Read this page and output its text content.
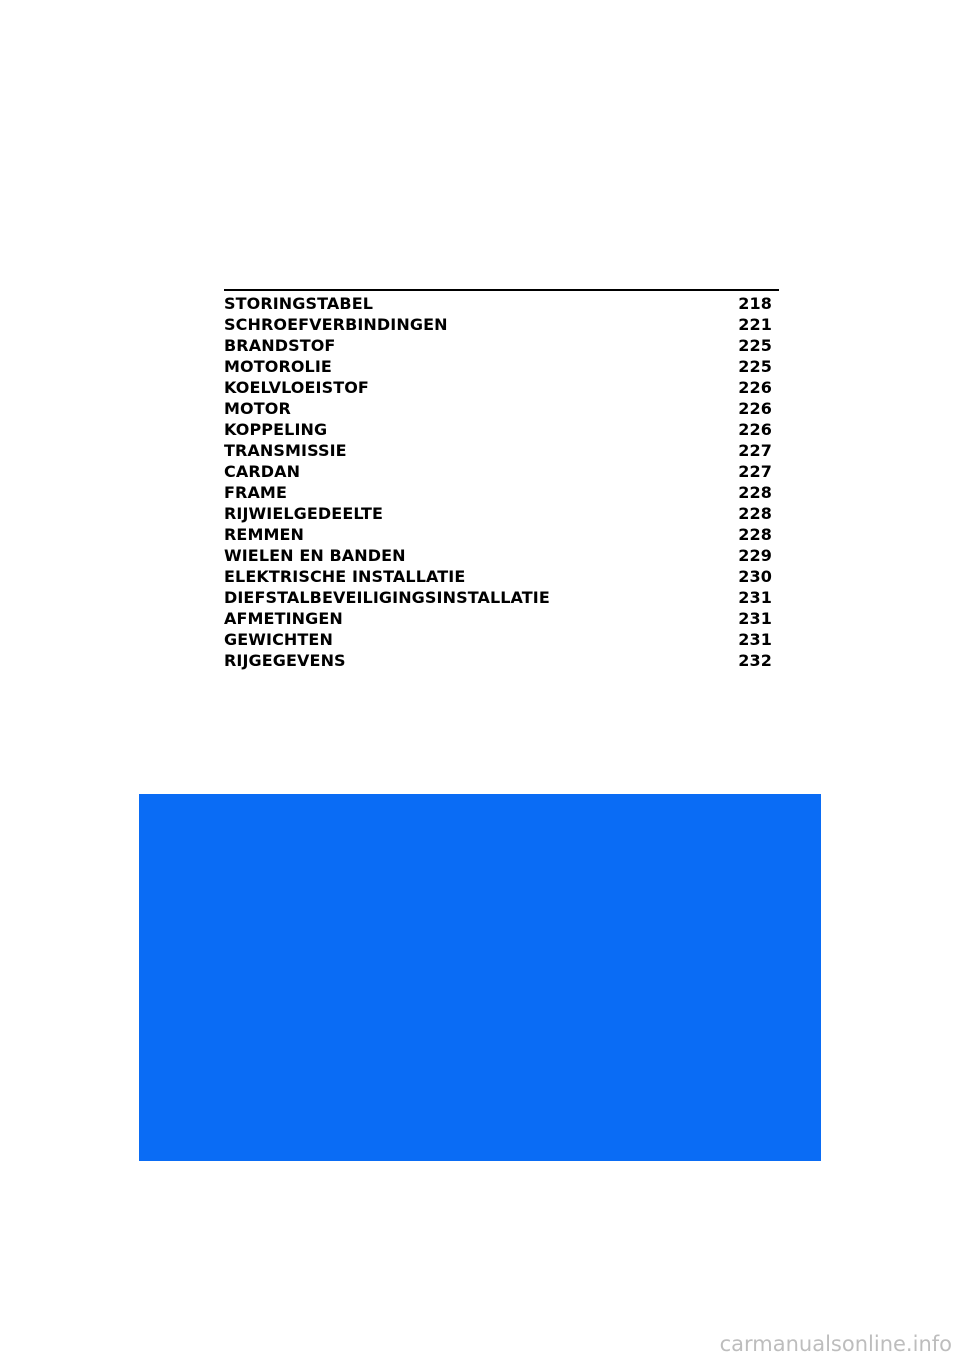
STORINGSTABEL	218
SCHROEFVERBINDINGEN	221
BRANDSTOF	225
MOTOROLIE	225
KOELVLOEISTOF	226
MOTOR	226
KOPPELING	226
TRANSMISSIE	227
CARDAN	227
FRAME	228
RIJWIELGEDEELTE	228
REMMEN	228
WIELEN EN BANDEN	229
ELEKTRISCHE INSTALLATIE	230
DIEFSTALBEVEILIGINGSINSTALLATIE	231
AFMETINGEN	231
GEWICHTEN	231
RIJGEGEVENS	232
carmanualsonline.info
